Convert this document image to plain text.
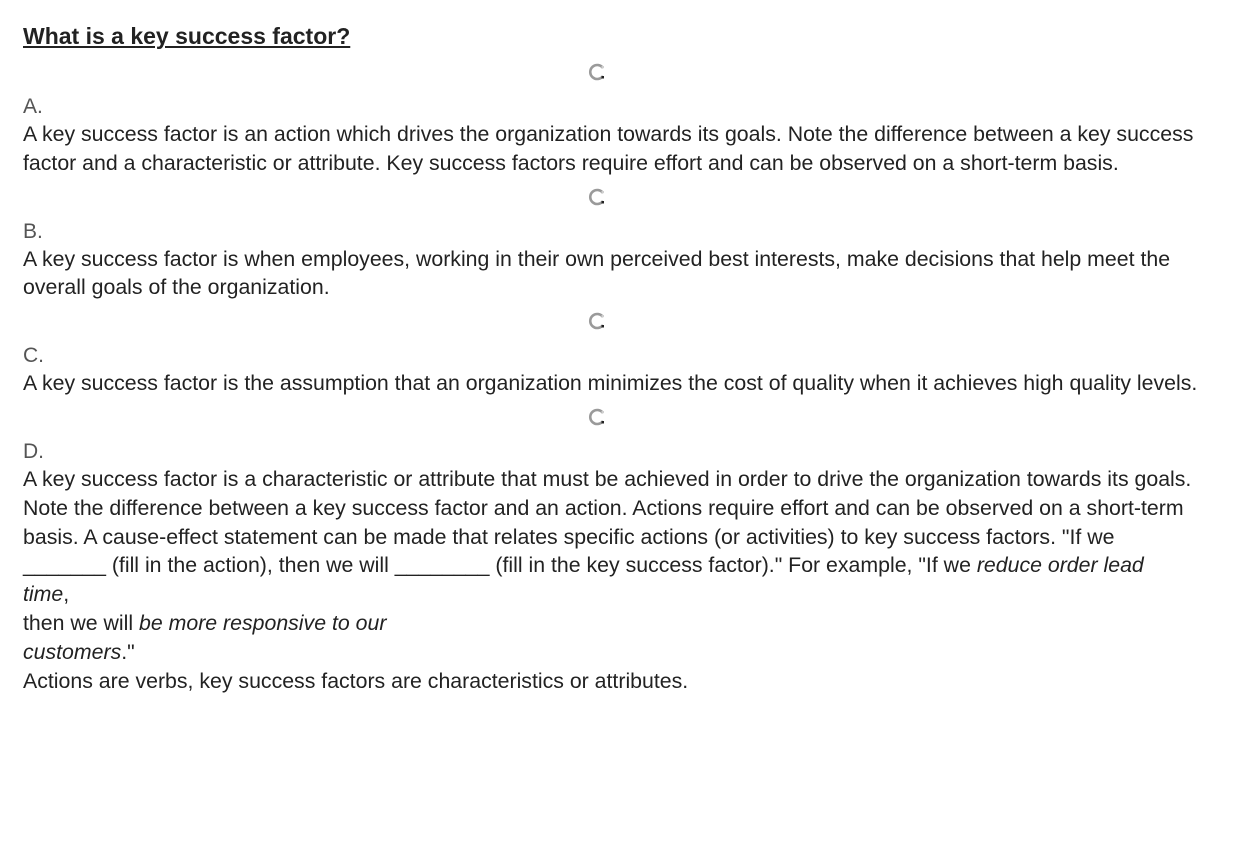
What is a key success factor?

A.

A key success factor is an action which drives the organization towards its goals. Note the difference between a key success factor and a characteristic or attribute. Key success factors require effort and can be observed on a short-term basis.

B.

A key success factor is when employees, working in their own perceived best interests, make decisions that help meet the overall goals of the organization.

C.

A key success factor is the assumption that an organization minimizes the cost of quality when it achieves high quality levels.

D.
A key success factor is a characteristic or attribute that must be achieved in order to drive the organization towards its goals. Note the difference between a key success factor and an action. Actions require effort and can be observed on a short-term basis. A cause-effect statement can be made that relates specific actions (or activities) to key success factors. "If we _______ (fill in the action), then we will ________ (fill in the key success factor)." For example, "If we reduce order lead
time,
then we will be more responsive to our
customers."
Actions are verbs, key success factors are characteristics or attributes.
